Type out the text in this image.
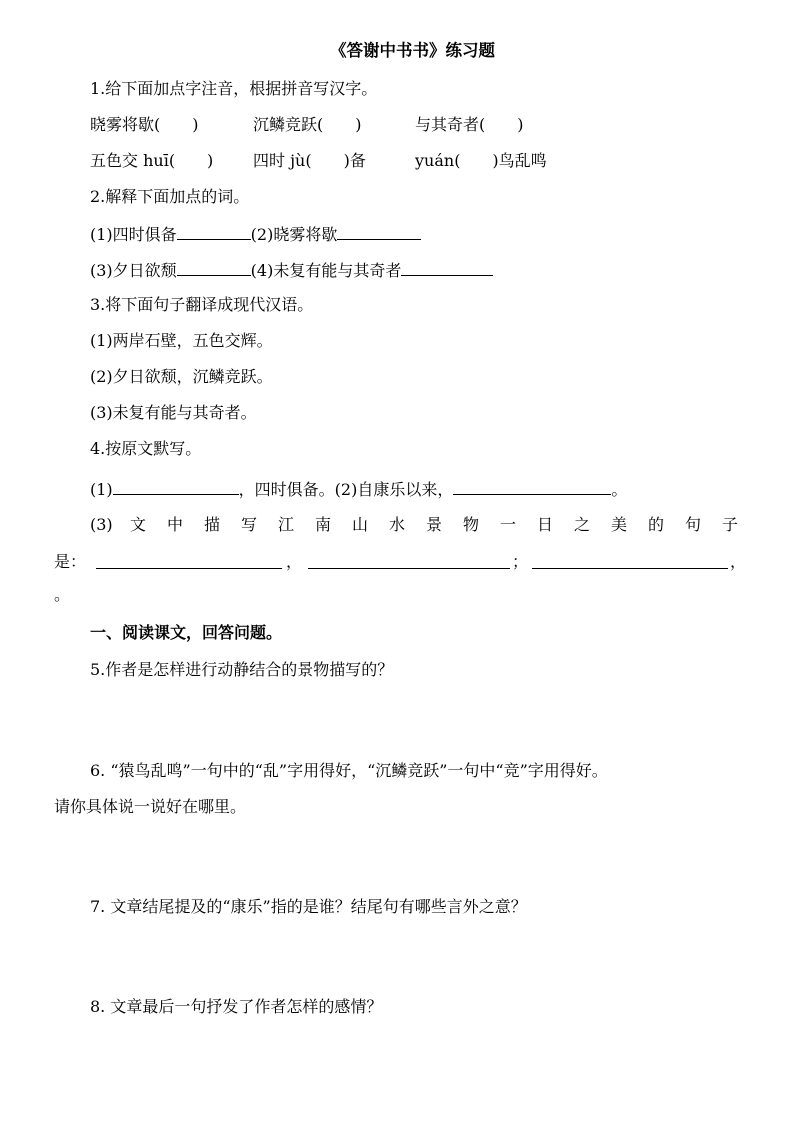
《答谢中书书》练习题
1.给下面加点字注音，根据拼音写汉字。
晓雾将歇(　　)	沉鳞竞跃(　　)	与其奇者(　　)
五色交 huī(　　) 四时 jù(　　)备	yuán(　　)鸟乱鸣
2.解释下面加点的词。
(1)四时俱备	(2)晓雾将歇
(3)夕日欲颓	(4)未复有能与其奇者
3.将下面句子翻译成现代汉语。
(1)两岸石壁，五色交辉。
(2)夕日欲颓，沉鳞竞跃。
(3)未复有能与其奇者。
4.按原文默写。
(1)	，四时俱备。(2)自康乐以来，	。
(3) 文 中 描 写 江 南 山 水 景 物 一 日 之 美 的 句 子
是：	，	；	，
。
一、阅读课文，回答问题。
5.作者是怎样进行动静结合的景物描写的？
6. “猿鸟乱鸣”一句中的“乱”字用得好，“沉鳞竞跃”一句中“竞”字用得好。
请你具体说一说好在哪里。
7. 文章结尾提及的“康乐”指的是谁？结尾句有哪些言外之意？
8. 文章最后一句抒发了作者怎样的感情？
